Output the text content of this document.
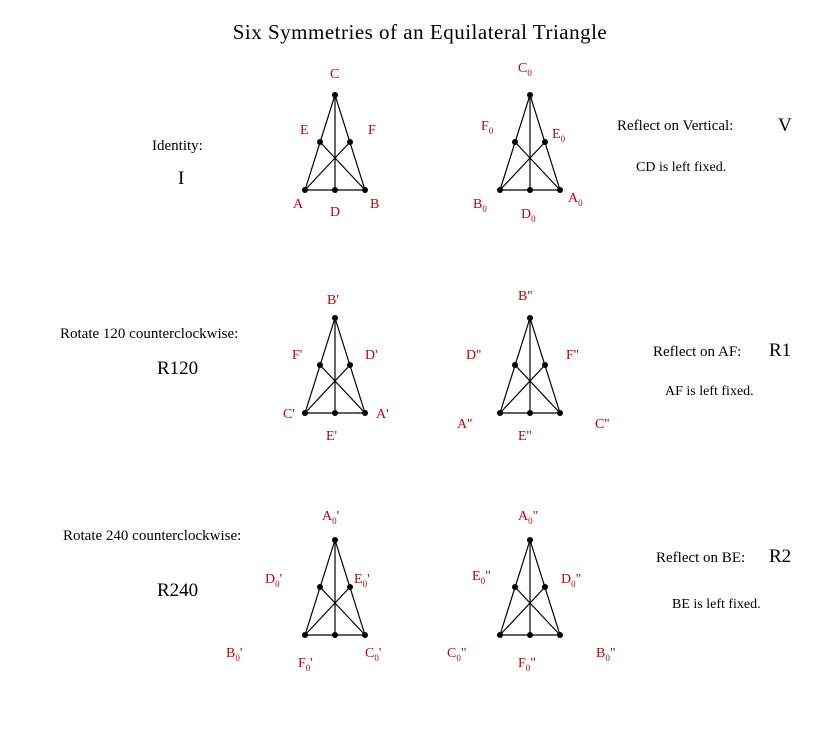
Six Symmetries of an Equilateral Triangle
Identity:
I
C
E	F
A
D
B
Reflect on Vertical: V
CD is left fixed.
$C_0$
$F_0$	$E_0$
$B_0$ $D_0$
$A_0$
Rotate 120 counterclockwise:
R120
B'
F'	D'
C'
E'
A'
Reflect on AF: R1
AF is left fixed.
B''
D''	F''
A''
E''
C''
Rotate 240 counterclockwise:
R240
$A_0'$
$D_0'$	$E_0'$
$B_0'$
$F_0'$
$C_0'$
Reflect on BE: R2
BE is left fixed.
$A_0$"
$E_0$"	$D_0$"
$C_0$"
$F_0$"
$B_0$"
